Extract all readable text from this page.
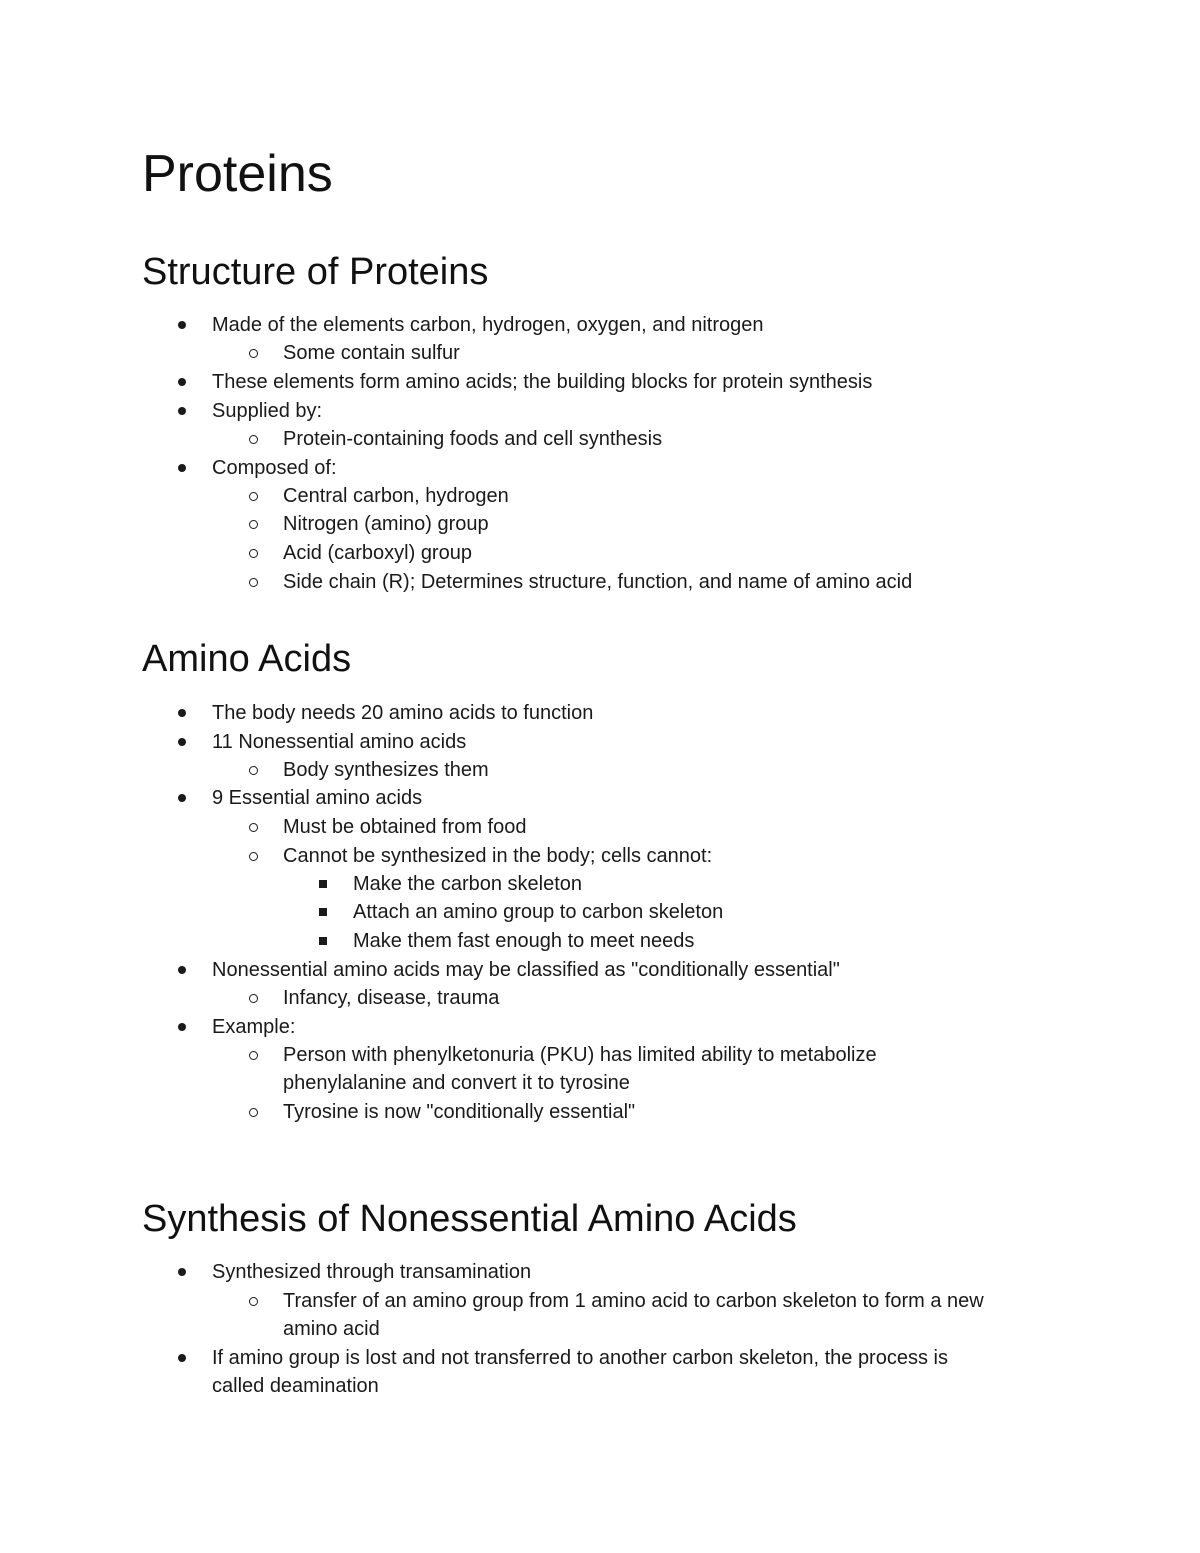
Proteins
Structure of Proteins
Made of the elements carbon, hydrogen, oxygen, and nitrogen
Some contain sulfur
These elements form amino acids; the building blocks for protein synthesis
Supplied by:
Protein-containing foods and cell synthesis
Composed of:
Central carbon, hydrogen
Nitrogen (amino) group
Acid (carboxyl) group
Side chain (R); Determines structure, function, and name of amino acid
Amino Acids
The body needs 20 amino acids to function
11 Nonessential amino acids
Body synthesizes them
9 Essential amino acids
Must be obtained from food
Cannot be synthesized in the body; cells cannot:
Make the carbon skeleton
Attach an amino group to carbon skeleton
Make them fast enough to meet needs
Nonessential amino acids may be classified as "conditionally essential"
Infancy, disease, trauma
Example:
Person with phenylketonuria (PKU) has limited ability to metabolize
phenylalanine and convert it to tyrosine
Tyrosine is now "conditionally essential"
Synthesis of Nonessential Amino Acids
Synthesized through transamination
Transfer of an amino group from 1 amino acid to carbon skeleton to form a new
amino acid
If amino group is lost and not transferred to another carbon skeleton, the process is
called deamination
